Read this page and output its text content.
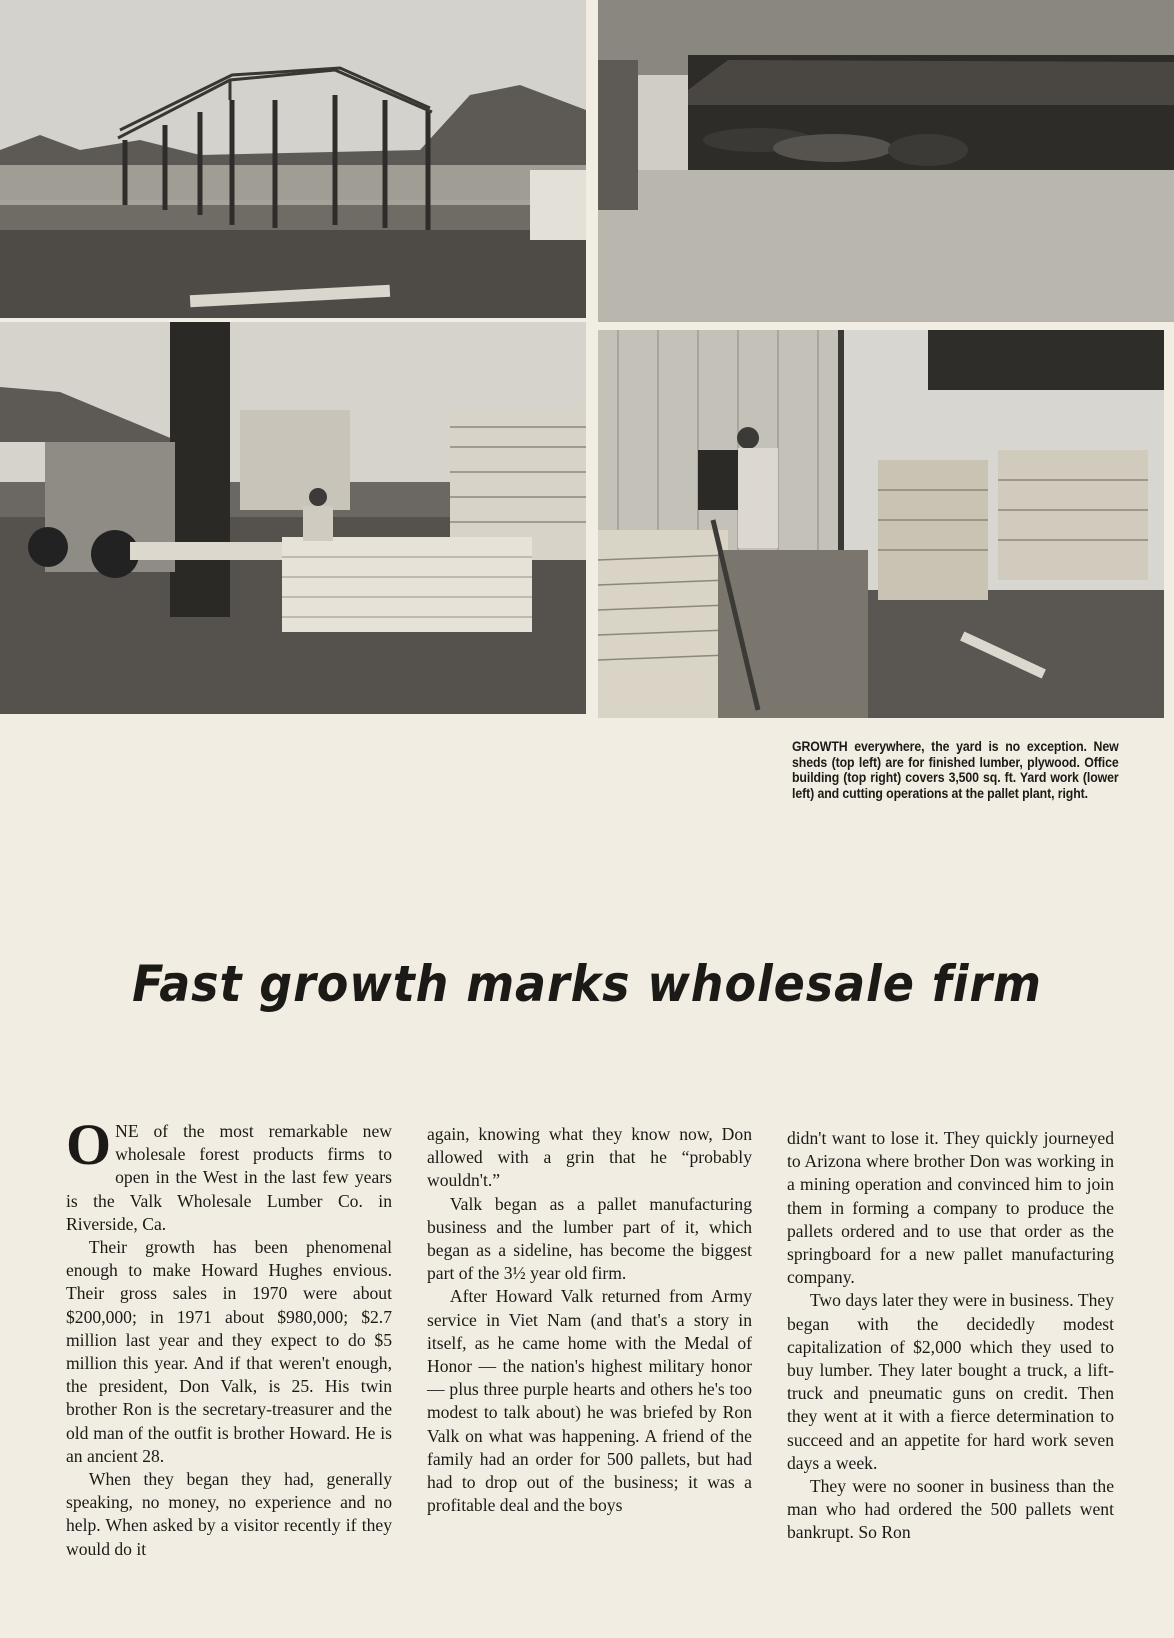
GROWTH everywhere, the yard is no exception. New sheds (top left) are for finished lumber, plywood. Office building (top right) covers 3,500 sq. ft. Yard work (lower left) and cutting operations at the pallet plant, right.
Fast growth marks wholesale firm

ONE of the most remarkable new wholesale forest products firms to open in the West in the last few years is the Valk Wholesale Lumber Co. in Riverside, Ca.

Their growth has been phenomenal enough to make Howard Hughes envious. Their gross sales in 1970 were about $200,000; in 1971 about $980,000; $2.7 million last year and they expect to do $5 million this year. And if that weren't enough, the president, Don Valk, is 25. His twin brother Ron is the secretary-treasurer and the old man of the outfit is brother Howard. He is an ancient 28.

When they began they had, generally speaking, no money, no experience and no help. When asked by a visitor recently if they would do it

again, knowing what they know now, Don allowed with a grin that he “probably wouldn't.”

Valk began as a pallet manufacturing business and the lumber part of it, which began as a sideline, has become the biggest part of the 3½ year old firm.

After Howard Valk returned from Army service in Viet Nam (and that's a story in itself, as he came home with the Medal of Honor — the nation's highest military honor — plus three purple hearts and others he's too modest to talk about) he was briefed by Ron Valk on what was happening. A friend of the family had an order for 500 pallets, but had had to drop out of the business; it was a profitable deal and the boys

didn't want to lose it. They quickly journeyed to Arizona where brother Don was working in a mining operation and convinced him to join them in forming a company to produce the pallets ordered and to use that order as the springboard for a new pallet manufacturing company.

Two days later they were in business. They began with the decidedly modest capitalization of $2,000 which they used to buy lumber. They later bought a truck, a lift-truck and pneumatic guns on credit. Then they went at it with a fierce determination to succeed and an appetite for hard work seven days a week.

They were no sooner in business than the man who had ordered the 500 pallets went bankrupt. So Ron
